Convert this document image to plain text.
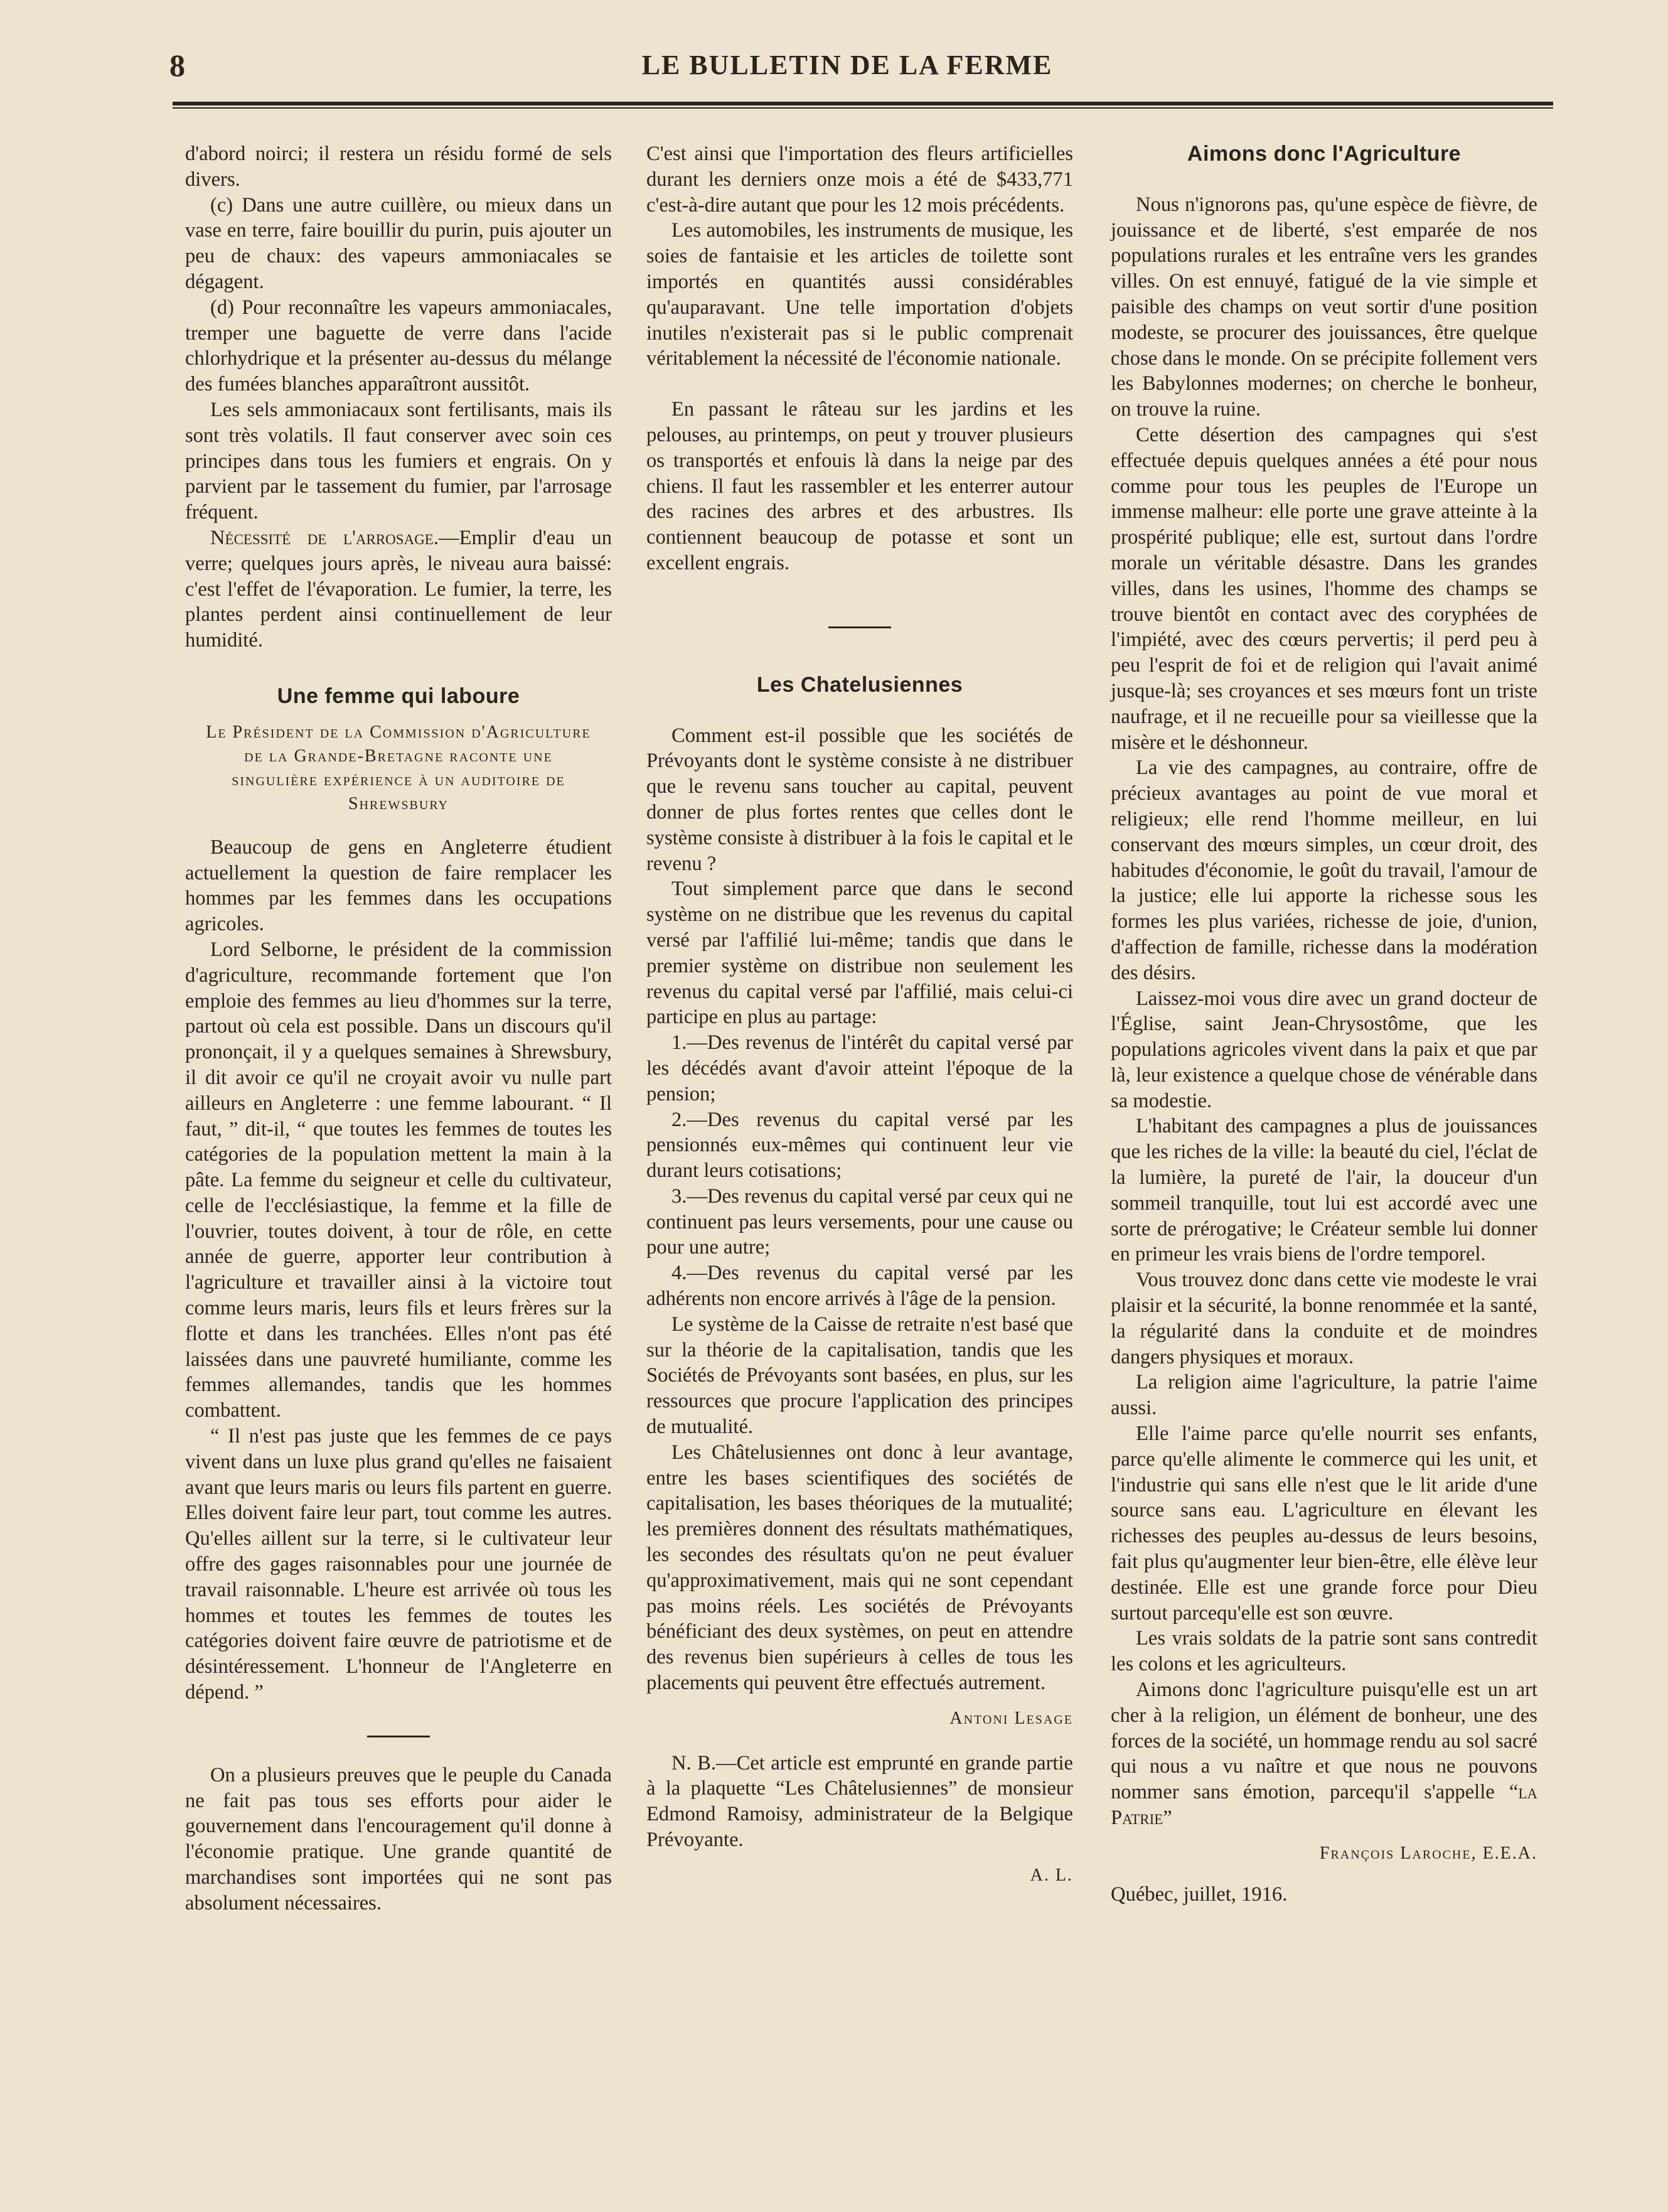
8	LE BULLETIN DE LA FERME

d'abord noirci; il restera un résidu formé de sels divers.

(c) Dans une autre cuillère, ou mieux dans un vase en terre, faire bouillir du purin, puis ajouter un peu de chaux: des vapeurs ammoniacales se dégagent.

(d) Pour reconnaître les vapeurs ammoniacales, tremper une baguette de verre dans l'acide chlorhydrique et la présenter au-dessus du mélange des fumées blanches apparaîtront aussitôt.

Les sels ammoniacaux sont fertilisants, mais ils sont très volatils. Il faut conserver avec soin ces principes dans tous les fumiers et engrais. On y parvient par le tassement du fumier, par l'arrosage fréquent.

Nécessité de l'arrosage.—Emplir d'eau un verre; quelques jours après, le niveau aura baissé: c'est l'effet de l'évaporation. Le fumier, la terre, les plantes perdent ainsi continuellement de leur humidité.

Une femme qui laboure
Le Président de la Commission d'Agriculture de la Grande-Bretagne raconte une singulière expérience à un auditoire de Shrewsbury

Beaucoup de gens en Angleterre étudient actuellement la question de faire remplacer les hommes par les femmes dans les occupations agricoles.

Lord Selborne, le président de la commission d'agriculture, recommande fortement que l'on emploie des femmes au lieu d'hommes sur la terre, partout où cela est possible. Dans un discours qu'il prononçait, il y a quelques semaines à Shrewsbury, il dit avoir ce qu'il ne croyait avoir vu nulle part ailleurs en Angleterre : une femme labourant. “ Il faut, ” dit-il, “ que toutes les femmes de toutes les catégories de la population mettent la main à la pâte. La femme du seigneur et celle du cultivateur, celle de l'ecclésiastique, la femme et la fille de l'ouvrier, toutes doivent, à tour de rôle, en cette année de guerre, apporter leur contribution à l'agriculture et travailler ainsi à la victoire tout comme leurs maris, leurs fils et leurs frères sur la flotte et dans les tranchées. Elles n'ont pas été laissées dans une pauvreté humiliante, comme les femmes allemandes, tandis que les hommes combattent.

“ Il n'est pas juste que les femmes de ce pays vivent dans un luxe plus grand qu'elles ne faisaient avant que leurs maris ou leurs fils partent en guerre. Elles doivent faire leur part, tout comme les autres. Qu'elles aillent sur la terre, si le cultivateur leur offre des gages raisonnables pour une journée de travail raisonnable. L'heure est arrivée où tous les hommes et toutes les femmes de toutes les catégories doivent faire œuvre de patriotisme et de désintéressement. L'honneur de l'Angleterre en dépend. ”

On a plusieurs preuves que le peuple du Canada ne fait pas tous ses efforts pour aider le gouvernement dans l'encouragement qu'il donne à l'économie pratique. Une grande quantité de marchandises sont importées qui ne sont pas absolument nécessaires.

C'est ainsi que l'importation des fleurs artificielles durant les derniers onze mois a été de $433,771 c'est-à-dire autant que pour les 12 mois précédents.

Les automobiles, les instruments de musique, les soies de fantaisie et les articles de toilette sont importés en quantités aussi considérables qu'auparavant. Une telle importation d'objets inutiles n'existerait pas si le public comprenait véritablement la nécessité de l'économie nationale.

En passant le râteau sur les jardins et les pelouses, au printemps, on peut y trouver plusieurs os transportés et enfouis là dans la neige par des chiens. Il faut les rassembler et les enterrer autour des racines des arbres et des arbustres. Ils contiennent beaucoup de potasse et sont un excellent engrais.

Les Chatelusiennes

Comment est-il possible que les sociétés de Prévoyants dont le système consiste à ne distribuer que le revenu sans toucher au capital, peuvent donner de plus fortes rentes que celles dont le système consiste à distribuer à la fois le capital et le revenu ?

Tout simplement parce que dans le second système on ne distribue que les revenus du capital versé par l'affilié lui-même; tandis que dans le premier système on distribue non seulement les revenus du capital versé par l'affilié, mais celui-ci participe en plus au partage:

1.—Des revenus de l'intérêt du capital versé par les décédés avant d'avoir atteint l'époque de la pension;

2.—Des revenus du capital versé par les pensionnés eux-mêmes qui continuent leur vie durant leurs cotisations;

3.—Des revenus du capital versé par ceux qui ne continuent pas leurs versements, pour une cause ou pour une autre;

4.—Des revenus du capital versé par les adhérents non encore arrivés à l'âge de la pension.

Le système de la Caisse de retraite n'est basé que sur la théorie de la capitalisation, tandis que les Sociétés de Prévoyants sont basées, en plus, sur les ressources que procure l'application des principes de mutualité.

Les Châtelusiennes ont donc à leur avantage, entre les bases scientifiques des sociétés de capitalisation, les bases théoriques de la mutualité; les premières donnent des résultats mathématiques, les secondes des résultats qu'on ne peut évaluer qu'approximativement, mais qui ne sont cependant pas moins réels. Les sociétés de Prévoyants bénéficiant des deux systèmes, on peut en attendre des revenus bien supérieurs à celles de tous les placements qui peuvent être effectués autrement.

Antoni Lesage

N. B.—Cet article est emprunté en grande partie à la plaquette “Les Châtelusiennes” de monsieur Edmond Ramoisy, administrateur de la Belgique Prévoyante.

A. L.
Aimons donc l'Agriculture

Nous n'ignorons pas, qu'une espèce de fièvre, de jouissance et de liberté, s'est emparée de nos populations rurales et les entraîne vers les grandes villes. On est ennuyé, fatigué de la vie simple et paisible des champs on veut sortir d'une position modeste, se procurer des jouissances, être quelque chose dans le monde. On se précipite follement vers les Babylonnes modernes; on cherche le bonheur, on trouve la ruine.

Cette désertion des campagnes qui s'est effectuée depuis quelques années a été pour nous comme pour tous les peuples de l'Europe un immense malheur: elle porte une grave atteinte à la prospérité publique; elle est, surtout dans l'ordre morale un véritable désastre. Dans les grandes villes, dans les usines, l'homme des champs se trouve bientôt en contact avec des coryphées de l'impiété, avec des cœurs pervertis; il perd peu à peu l'esprit de foi et de religion qui l'avait animé jusque-là; ses croyances et ses mœurs font un triste naufrage, et il ne recueille pour sa vieillesse que la misère et le déshonneur.

La vie des campagnes, au contraire, offre de précieux avantages au point de vue moral et religieux; elle rend l'homme meilleur, en lui conservant des mœurs simples, un cœur droit, des habitudes d'économie, le goût du travail, l'amour de la justice; elle lui apporte la richesse sous les formes les plus variées, richesse de joie, d'union, d'affection de famille, richesse dans la modération des désirs.

Laissez-moi vous dire avec un grand docteur de l'Église, saint Jean-Chrysostôme, que les populations agricoles vivent dans la paix et que par là, leur existence a quelque chose de vénérable dans sa modestie.

L'habitant des campagnes a plus de jouissances que les riches de la ville: la beauté du ciel, l'éclat de la lumière, la pureté de l'air, la douceur d'un sommeil tranquille, tout lui est accordé avec une sorte de prérogative; le Créateur semble lui donner en primeur les vrais biens de l'ordre temporel.

Vous trouvez donc dans cette vie modeste le vrai plaisir et la sécurité, la bonne renommée et la santé, la régularité dans la conduite et de moindres dangers physiques et moraux.

La religion aime l'agriculture, la patrie l'aime aussi.

Elle l'aime parce qu'elle nourrit ses enfants, parce qu'elle alimente le commerce qui les unit, et l'industrie qui sans elle n'est que le lit aride d'une source sans eau. L'agriculture en élevant les richesses des peuples au-dessus de leurs besoins, fait plus qu'augmenter leur bien-être, elle élève leur destinée. Elle est une grande force pour Dieu surtout parcequ'elle est son œuvre.

Les vrais soldats de la patrie sont sans contredit les colons et les agriculteurs.

Aimons donc l'agriculture puisqu'elle est un art cher à la religion, un élément de bonheur, une des forces de la société, un hommage rendu au sol sacré qui nous a vu naître et que nous ne pouvons nommer sans émotion, parcequ'il s'appelle “la Patrie”

François Laroche, E.E.A.

Québec, juillet, 1916.
